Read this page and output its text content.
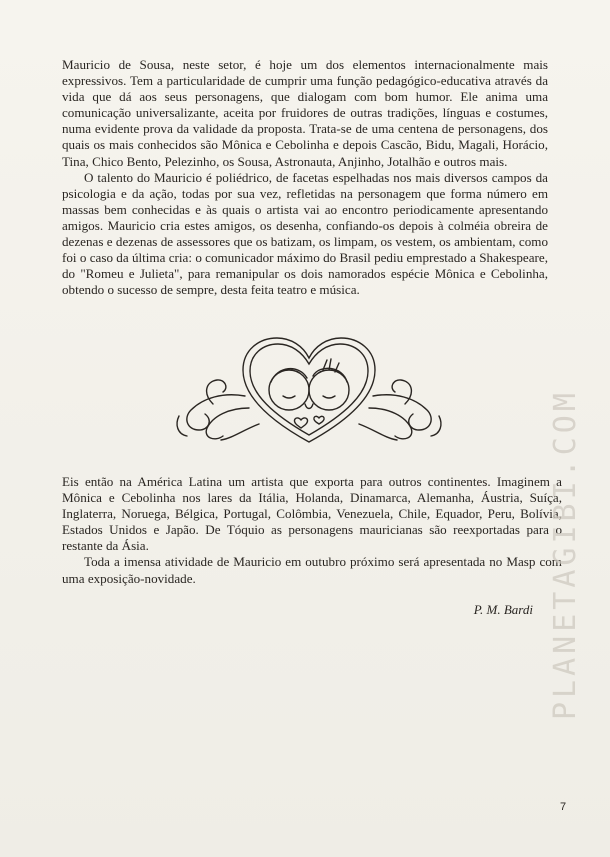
Mauricio de Sousa, neste setor, é hoje um dos elementos internacionalmente mais expressivos. Tem a particularidade de cumprir uma função pedagógico-educativa através da vida que dá aos seus personagens, que dialogam com bom humor. Ele anima uma comunicação universalizante, aceita por fruidores de outras tradições, línguas e costumes, numa evidente prova da validade da proposta. Trata-se de uma centena de personagens, dos quais os mais conhecidos são Mônica e Cebolinha e depois Cascão, Bidu, Magali, Horácio, Tina, Chico Bento, Pelezinho, os Sousa, Astronauta, Anjinho, Jotalhão e outros mais.

O talento do Mauricio é poliédrico, de facetas espelhadas nos mais diversos campos da psicologia e da ação, todas por sua vez, refletidas na personagem que forma número em massas bem conhecidas e às quais o artista vai ao encontro periodicamente apresentando amigos. Mauricio cria estes amigos, os desenha, confiando-os depois à colméia obreira de dezenas e dezenas de assessores que os batizam, os limpam, os vestem, os ambientam, como foi o caso da última cria: o comunicador máximo do Brasil pediu emprestado a Shakespeare, do "Romeu e Julieta", para remanipular os dois namorados espécie Mônica e Cebolinha, obtendo o sucesso de sempre, desta feita teatro e música.

Eis então na América Latina um artista que exporta para outros continentes. Imaginem a Mônica e Cebolinha nos lares da Itália, Holanda, Dinamarca, Alemanha, Áustria, Suíça, Inglaterra, Noruega, Bélgica, Portugal, Colômbia, Venezuela, Chile, Equador, Peru, Bolívia, Estados Unidos e Japão. De Tóquio as personagens mauricianas são reexportadas para o restante da Ásia.

Toda a imensa atividade de Mauricio em outubro próximo será apresentada no Masp com uma exposição-novidade.

P. M. Bardi PLANETAGIBI.COM
7
